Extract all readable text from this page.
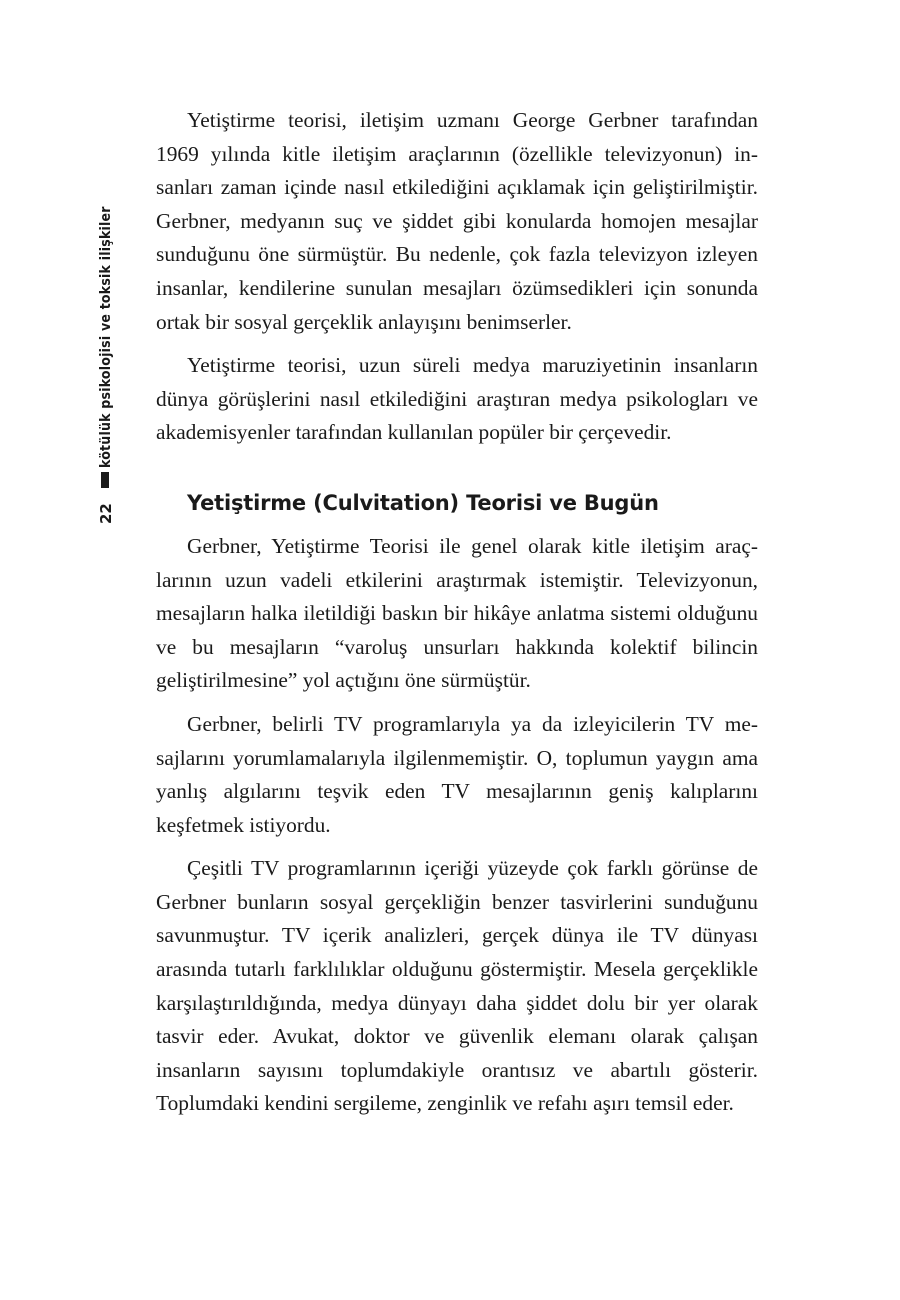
kötülük psikolojisi ve toksik ilişkiler
22

Yetiştirme teorisi, iletişim uzmanı George Gerbner tarafından 1969 yılında kitle iletişim araçlarının (özellikle televizyonun) insanları zaman içinde nasıl etkilediğini açıklamak için geliştirilmiştir. Gerbner, medyanın suç ve şiddet gibi konularda homojen mesajlar sunduğunu öne sürmüştür. Bu nedenle, çok fazla televizyon izleyen insanlar, kendilerine sunulan mesajları özümsedikleri için sonunda ortak bir sosyal gerçeklik anlayışını benimserler.

Yetiştirme teorisi, uzun süreli medya maruziyetinin insanların dünya görüşlerini nasıl etkilediğini araştıran medya psikologları ve akademisyenler tarafından kullanılan popüler bir çerçevedir.

Yetiştirme (Culvitation) Teorisi ve Bugün

Gerbner, Yetiştirme Teorisi ile genel olarak kitle iletişim araçlarının uzun vadeli etkilerini araştırmak istemiştir. Televizyonun, mesajların halka iletildiği baskın bir hikâye anlatma sistemi olduğunu ve bu mesajların “varoluş unsurları hakkında kolektif bilincin geliştirilmesine” yol açtığını öne sürmüştür.

Gerbner, belirli TV programlarıyla ya da izleyicilerin TV mesajlarını yorumlamalarıyla ilgilenmemiştir. O, toplumun yaygın ama yanlış algılarını teşvik eden TV mesajlarının geniş kalıplarını keşfetmek istiyordu.

Çeşitli TV programlarının içeriği yüzeyde çok farklı görünse de Gerbner bunların sosyal gerçekliğin benzer tasvirlerini sunduğunu savunmuştur. TV içerik analizleri, gerçek dünya ile TV dünyası arasında tutarlı farklılıklar olduğunu göstermiştir. Mesela gerçeklikle karşılaştırıldığında, medya dünyayı daha şiddet dolu bir yer olarak tasvir eder. Avukat, doktor ve güvenlik elemanı olarak çalışan insanların sayısını toplumdakiyle orantısız ve abartılı gösterir. Toplumdaki kendini sergileme, zenginlik ve refahı aşırı temsil eder.
